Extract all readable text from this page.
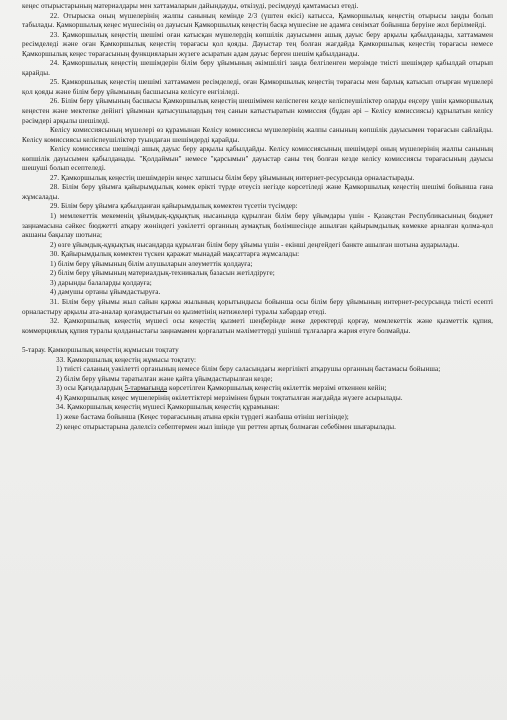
кеңес отырыстарының материалдары мен хаттамаларын дайындауды, өткізуді, ресімдеуді қамтамасыз етеді.

22. Отырыска оның мүшелерінің жалпы санының кемінде 2/3 (үштен екісі) катысса, Қамкоршылық кеңестің отырысы заңды болып табылады. Қамкоршылық кеңес мүшесінің өз дауысын Қамкоршылық кеңестің басқа мүшесіне не адамға сенімхат бойынша беруіне жол берілмейді.

23. Қамкоршылық кеңестің шешімі оған катысқан мүшелердің көпшілік дауысымен ашық дауыс беру арқылы қабылданады, хаттамамен ресімделеді және оған Қамкоршылық кеңестің төрағасы қол қояды. Дауыстар тең болған жағдайда Қамкоршылық кеңестің төрағасы немесе Қамкоршылық кеңес төрағасының функцияларын жүзеге асыратын адам дауыс берген шешім қабылданады.

24. Қамкоршылық кеңестің шешімдерін білім беру ұйымының әкімшілігі заңда белгіленген мерзімде тиісті шешімдер қабылдай отырып қарайды.

25. Қамкоршылық кеңестің шешімі хаттамамен ресімделеді, оған Қамкоршылық кеңестің төрағасы мен барлық катысып отырған мүшелері қол қояды және білім беру ұйымының басшысына келісуге енгізіледі.

26. Білім беру ұйымының басшысы Қамкоршылық кеңестің шешімімен келіспеген кезде келіспеушіліктер оларды еңсеру үшін қамкоршылық кеңестен және мектепке дейінгі ұйымнан қатысушылардың тең санын катыстыратын комиссия (бұдан әрі – Келісу комиссиясы) құрылатын келісу рәсімдері арқылы шешіледі.

Келісу комиссиясының мүшелері өз құрамынан Келісу комиссиясы мүшелерінің жалпы санының көпшілік дауысымен төрағасын сайлайды. Келісу комиссиясы келіспеушіліктер туындаған шешімдерді қарайды.

Келісу комиссиясы шешімді ашық дауыс беру арқылы қабылдайды. Келісу комиссиясының шешімдері оның мүшелерінің жалпы санының көпшілік дауысымен қабылданады. "Қолдаймын" немесе "қарсымын" дауыстар саны тең болған кезде келісу комиссиясы төрағасының дауысы шешуші болып есептеледі.

27. Қамкоршылық кеңестің шешімдерін кеңес хатшысы білім беру ұйымының интернет-ресурсында орналастырады.

28. Білім беру ұйымға қайырымдылық көмек ерікті түрде өтеусіз негізде көрсетіледі және Қамкоршылық кеңестің шешімі бойынша ғана жұмсалады.

29. Білім беру ұйымға қабылданған қайырымдылық көмектен түсетін түсімдер:

1) мемлекеттік мекеменің ұйымдық-құқықтық нысанында құрылған білім беру ұйымдары үшін - Қазақстан Республикасының бюджет заңнамасына сәйкес бюджетті атқару жөніндегі уәкілетті органның аумақтық бөлімшесінде ашылған қайырымдылық көмекке арналған қолма-қол акшаны бақылау шотына;

2) өзге ұйымдық-құқықтық нысандарда құрылған білім беру ұйымы үшін - екінші деңгейдегі банкте ашылған шотына аударылады.

30. Қайырымдылық көмектен түскен қаражат мынадай мақсаттарға жұмсалады:

1) білім беру ұйымының білім алушыларын әлеуметтік қолдауға;

2) білім беру ұйымының материалдық-техникалық базасын жетілдіруге;

3) дарынды балаларды қолдауға;

4) дамушы ортаны ұйымдастыруға.

31. Білім беру ұйымы жыл сайын қаржы жылының қорытындысы бойынша осы білім беру ұйымының интернет-ресурсында тиісті есепті орналастыру арқылы ата-аналар қоғамдастығын өз қызметінің нәтижелері туралы хабардар етеді.

32. Қамкоршылық кеңестің мүшесі осы кеңестің қызметі шеңберінде жеке деректерді қорғау, мемлекеттік және қызметтік құпия, коммерциялық құпия туралы қолданыстағы заңнамамен қорғалатын мәліметтерді ушінші тұлғаларға жария етуге болмайды.

5-тарау. Қамкоршылық кеңестің жұмысын тоқтату

33. Қамкоршылық кеңестің жұмысы тоқтату:

1) тиісті саланың уәкілетті органының немесе білім беру саласындағы жергілікті атқарушы органның бастамасы бойынша;

2) білім беру ұйымы таратылған және қайта ұйымдастырылған кезде;

3) осы Қағидалардың 5-тармағында көрсетілген Қамкоршылық кеңестің өкілеттік мерзімі өткеннен кейін;

4) Қамкоршылық кеңес мүшелерінің өкілеттіктері мерзімінен бұрын тоқтатылған жағдайда жүзеге асырылады.

34. Қамкоршылық кеңестің мүшесі Қамкоршылық кеңестің құрамынан:

1) жеке бастама бойынша (Кеңес төрағасының атына еркін түрдегі жазбаша өтініш негізінде);

2) кеңес отырыстарына дәлелсіз себептермен жыл ішінде үш реттен артық болмаған себебімен шығарылады.
